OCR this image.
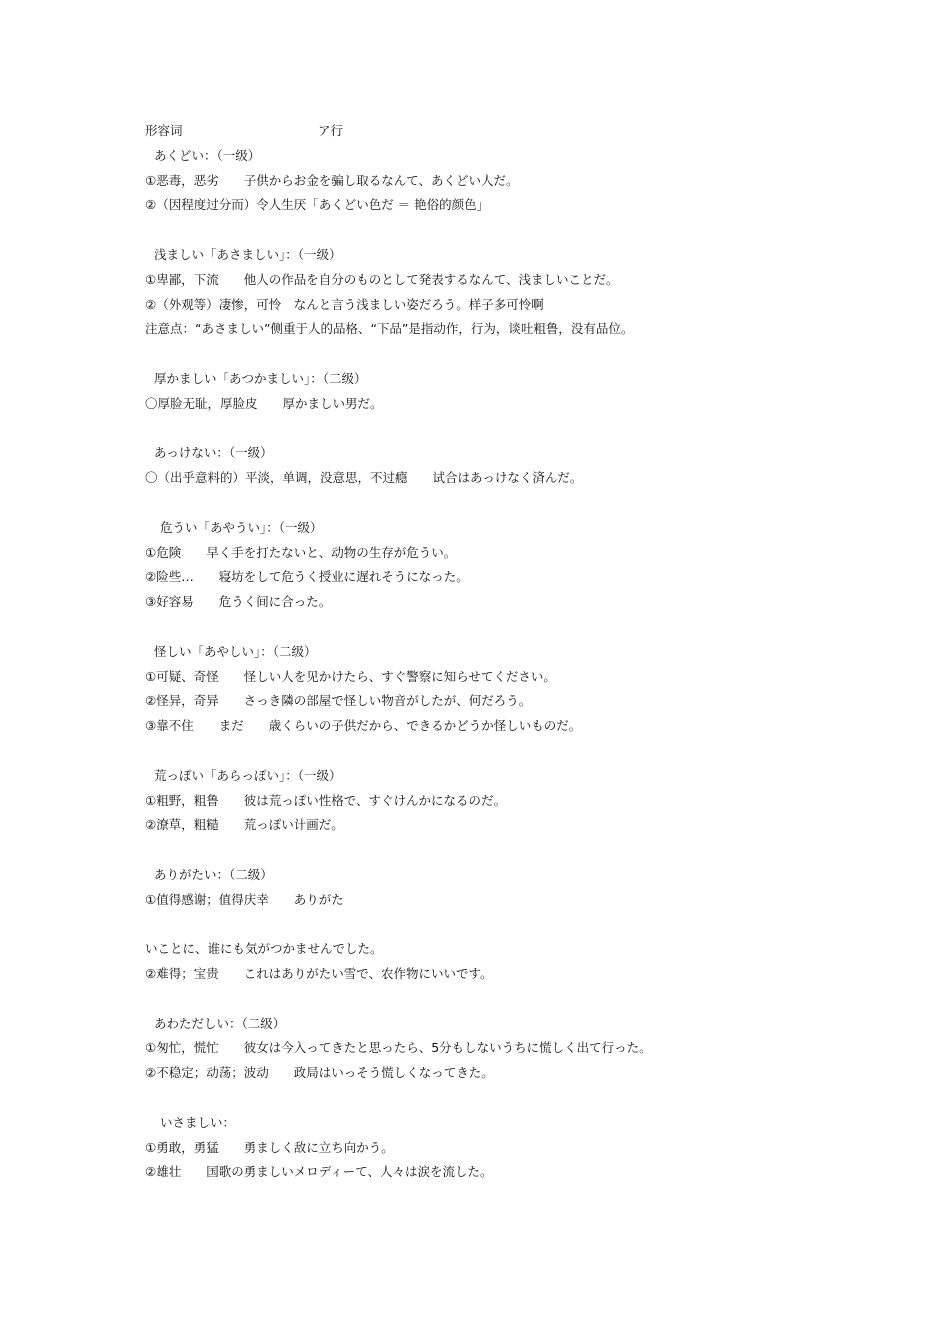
形容词	ア行
あくどい：（一级）
①恶毒，恶劣　　子供からお金を骗し取るなんて、あくどい人だ。
②（因程度过分而）令人生厌「あくどい色だ ＝ 艳俗的颜色」
浅ましい「あさましい」：（一级）
①卑鄙，下流　　他人の作品を自分のものとして発表するなんて、浅ましいことだ。
②（外观等）凄惨，可怜　なんと言う浅ましい姿だろう。样子多可怜啊
注意点：“あさましい”侧重于人的品格、“下品”是指动作，行为，谈吐粗鲁，没有品位。
厚かましい「あつかましい」：（二级）
〇厚脸无耻，厚脸皮　　厚かましい男だ。
あっけない：（一级）
〇（出乎意料的）平淡，单调，没意思，不过瘾　　试合はあっけなく済んだ。
危うい「あやうい」：（一级）
①危険　　早く手を打たないと、动物の生存が危うい。
②险些…　　寝坊をして危うく授业に遅れそうになった。
③好容易　　危うく间に合った。
怪しい「あやしい」：（二级）
①可疑、奇怪　　怪しい人を见かけたら、すぐ警察に知らせてください。
②怪异，奇异　　さっき隣の部屋で怪しい物音がしたが、何だろう。
③靠不住　　まだ　　歳くらいの子供だから、できるかどうか怪しいものだ。
荒っぽい「あらっぽい」：（一级）
①粗野，粗鲁　　彼は荒っぽい性格で、すぐけんかになるのだ。
②潦草，粗糙　　荒っぽい计画だ。
ありがたい：（二级）
①值得感谢；值得庆幸　　ありがた
いことに、谁にも気がつかませんでした。
②难得；宝贵　　これはありがたい雪で、农作物にいいです。
あわただしい：（二级）
①匆忙，慌忙　　彼女は今入ってきたと思ったら、5分もしないうちに慌しく出て行った。
②不稳定；动荡；波动　　政局はいっそう慌しくなってきた。
いさましい：
①勇敢，勇猛　　勇ましく敌に立ち向かう。
②雄壮　　国歌の勇ましいメロディーて、人々は涙を流した。
